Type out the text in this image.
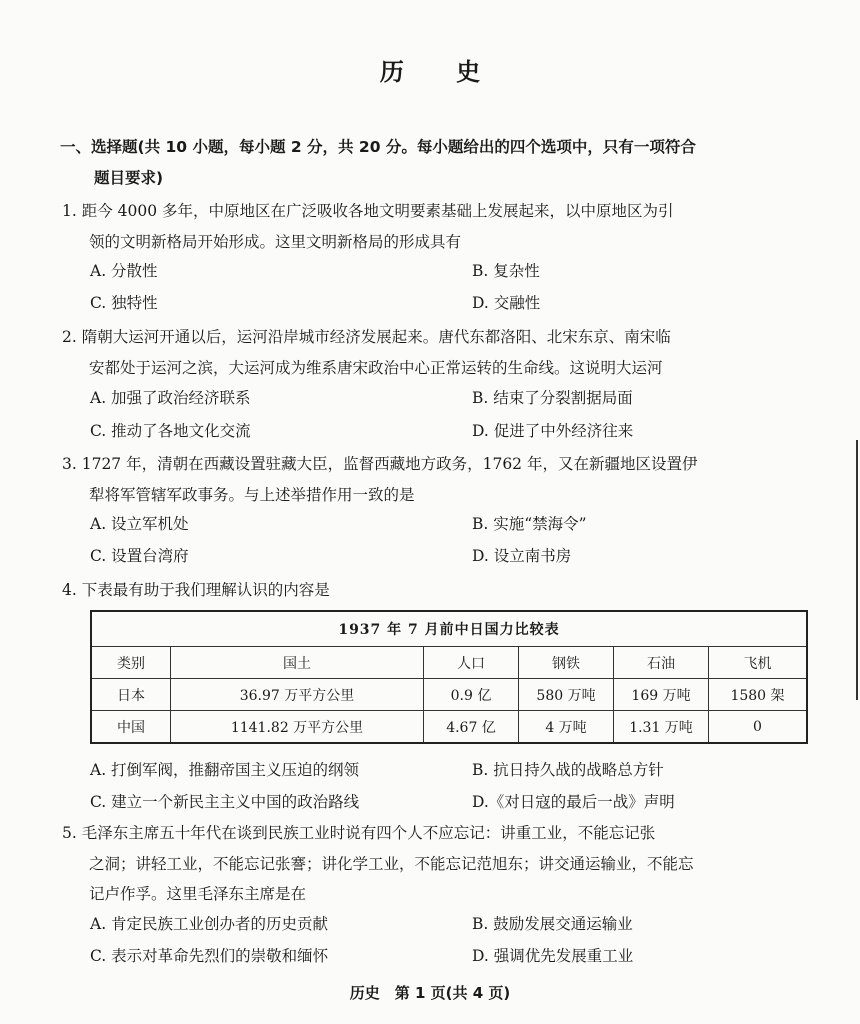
历 史
一、选择题(共 10 小题，每小题 2 分，共 20 分。每小题给出的四个选项中，只有一项符合
题目要求)
1. 距今 4000 多年，中原地区在广泛吸收各地文明要素基础上发展起来，以中原地区为引
领的文明新格局开始形成。这里文明新格局的形成具有
A. 分散性	B. 复杂性
C. 独特性	D. 交融性
2. 隋朝大运河开通以后，运河沿岸城市经济发展起来。唐代东都洛阳、北宋东京、南宋临
安都处于运河之滨，大运河成为维系唐宋政治中心正常运转的生命线。这说明大运河
A. 加强了政治经济联系	B. 结束了分裂割据局面
C. 推动了各地文化交流	D. 促进了中外经济往来
3. 1727 年，清朝在西藏设置驻藏大臣，监督西藏地方政务，1762 年，又在新疆地区设置伊
犁将军管辖军政事务。与上述举措作用一致的是
A. 设立军机处	B. 实施“禁海令”
C. 设置台湾府	D. 设立南书房
4. 下表最有助于我们理解认识的内容是
1937 年 7 月前中日国力比较表					
类别	国土	人口	钢铁	石油	飞机
日本	36.97 万平方公里	0.9 亿	580 万吨	169 万吨	1580 架
中国	1141.82 万平方公里	4.67 亿	4 万吨	1.31 万吨	0
A. 打倒军阀，推翻帝国主义压迫的纲领	B. 抗日持久战的战略总方针
C. 建立一个新民主主义中国的政治路线	D.《对日寇的最后一战》声明
5. 毛泽东主席五十年代在谈到民族工业时说有四个人不应忘记：讲重工业，不能忘记张
之洞；讲轻工业，不能忘记张謇；讲化学工业，不能忘记范旭东；讲交通运输业，不能忘
记卢作孚。这里毛泽东主席是在
A. 肯定民族工业创办者的历史贡献	B. 鼓励发展交通运输业
C. 表示对革命先烈们的崇敬和缅怀	D. 强调优先发展重工业
历史　第 1 页(共 4 页)
